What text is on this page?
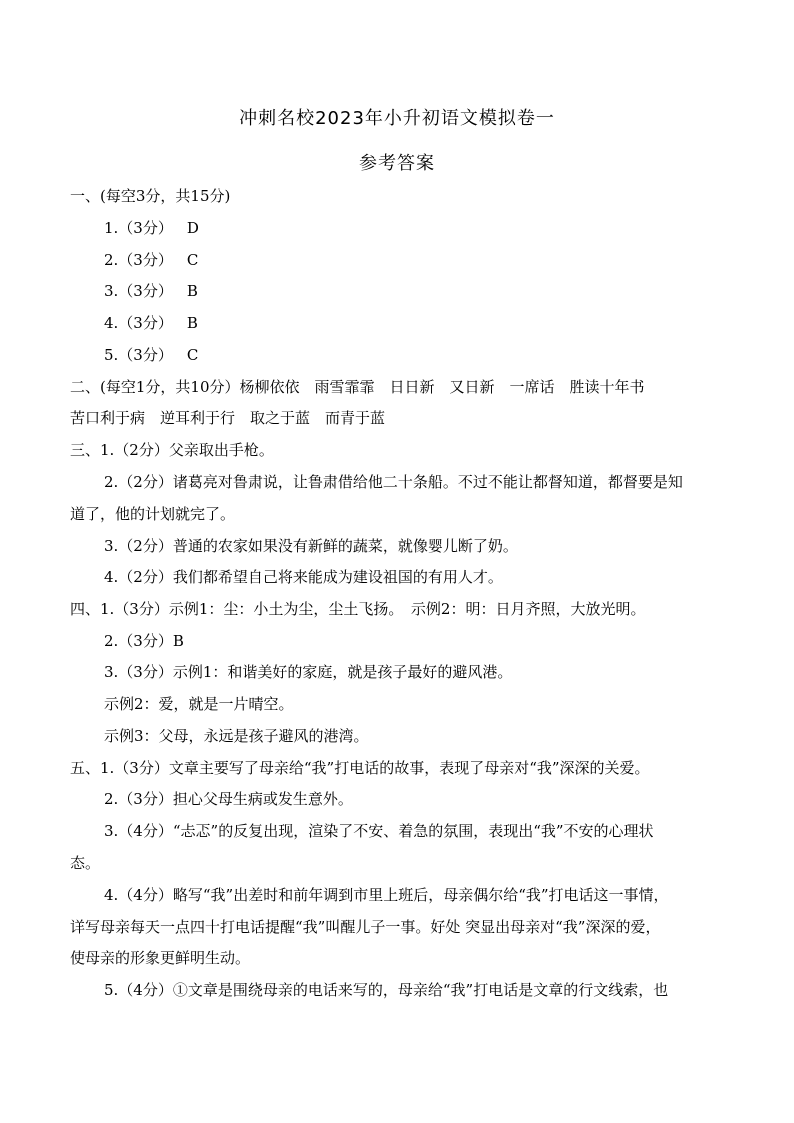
冲刺名校2023年小升初语文模拟卷一
参考答案
一、(每空3分，共15分)
1.（3分） D
2.（3分） C
3.（3分） B
4.（3分） B
5.（3分） C
二、(每空1分，共10分）杨柳依依　雨雪霏霏　日日新　又日新　一席话　胜读十年书
苦口利于病　逆耳利于行　取之于蓝　而青于蓝
三、1.（2分）父亲取出手枪。
2.（2分）诸葛亮对鲁肃说，让鲁肃借给他二十条船。不过不能让都督知道，都督要是知
道了，他的计划就完了。
3.（2分）普通的农家如果没有新鲜的蔬菜，就像婴儿断了奶。
4.（2分）我们都希望自己将来能成为建设祖国的有用人才。
四、1.（3分）示例1：尘：小土为尘，尘土飞扬。　示例2：明：日月齐照，大放光明。
2.（3分）B
3.（3分）示例1：和谐美好的家庭，就是孩子最好的避风港。
示例2：爱，就是一片晴空。
示例3：父母，永远是孩子避风的港湾。
五、1.（3分）文章主要写了母亲给“我”打电话的故事，表现了母亲对“我”深深的关爱。
2.（3分）担心父母生病或发生意外。
3.（4分）“忐忑”的反复出现，渲染了不安、着急的氛围，表现出“我”不安的心理状
态。
4.（4分）略写“我”出差时和前年调到市里上班后，母亲偶尔给“我”打电话这一事情，
详写母亲每天一点四十打电话提醒“我”叫醒儿子一事。好处 突显出母亲对“我”深深的爱，
使母亲的形象更鲜明生动。
5.（4分）①文章是围绕母亲的电话来写的，母亲给“我”打电话是文章的行文线索，也
